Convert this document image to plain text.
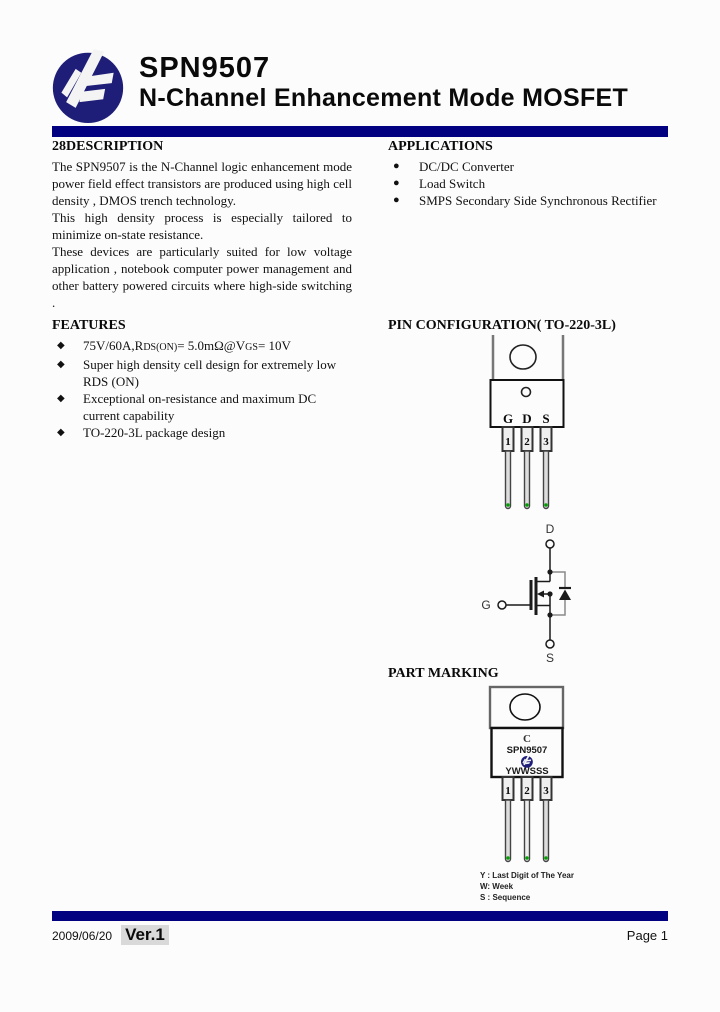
SPN9507
N-Channel Enhancement Mode MOSFET
28DESCRIPTION

The SPN9507 is the N-Channel logic enhancement mode power field effect transistors are produced using high cell density , DMOS trench technology.

This high density process is especially tailored to minimize on-state resistance.

These devices are particularly suited for low voltage application , notebook computer power management and other battery powered circuits where high-side switching .

FEATURES
◆	75V/60A,RDS(ON)= 5.0mΩ@VGS= 10V
◆	Super high density cell design for extremely low RDS (ON)
◆	Exceptional on-resistance and maximum DC current capability
◆	TO-220-3L package design
APPLICATIONS
●	DC/DC Converter
●	Load Switch
●	SMPS Secondary Side Synchronous Rectifier
PIN CONFIGURATION( TO-220-3L)
G D S
1 2 3
D
G
S
PART MARKING
C
SPN9507
YWWSSS
1 2 3
Y : Last Digit of The Year
W: Week
S : Sequence
2009/06/20 Ver.1	Page 1
